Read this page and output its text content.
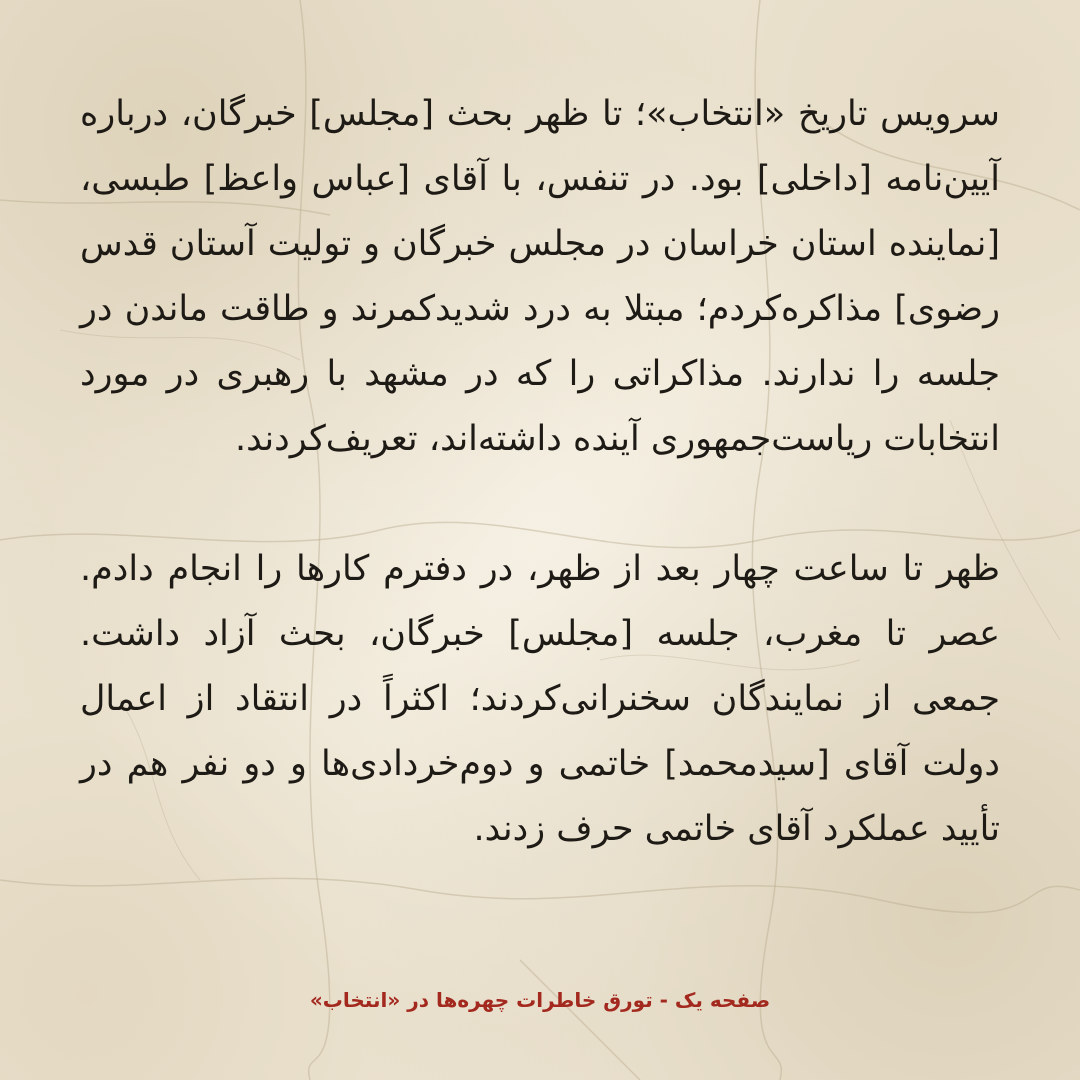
سرویس تاریخ «انتخاب»؛ تا ظهر بحث [مجلس] خبرگان، درباره آیین‌نامه [داخلی] بود. در تنفس، با آقای [عباس واعظ] طبسی، [نماینده استان خراسان در مجلس خبرگان و تولیت آستان قدس رضوی] مذاکره‌کردم؛ مبتلا به درد شدیدکمرند و طاقت ماندن در جلسه را ندارند. مذاکراتی را که در مشهد با رهبری در مورد انتخابات ریاست‌جمهوری آینده داشته‌اند، تعریف‌کردند.

ظهر تا ساعت چهار بعد از ظهر، در دفترم کارها را انجام دادم. عصر تا مغرب، جلسه [مجلس] خبرگان، بحث آزاد داشت. جمعی از نمایندگان سخنرانی‌کردند؛ اکثراً در انتقاد از اعمال دولت آقای [سیدمحمد] خاتمی و دوم‌خردادی‌ها و دو نفر هم در تأیید عملکرد آقای خاتمی حرف زدند.

صفحه یک - تورق خاطرات چهره‌ها در «انتخاب»
